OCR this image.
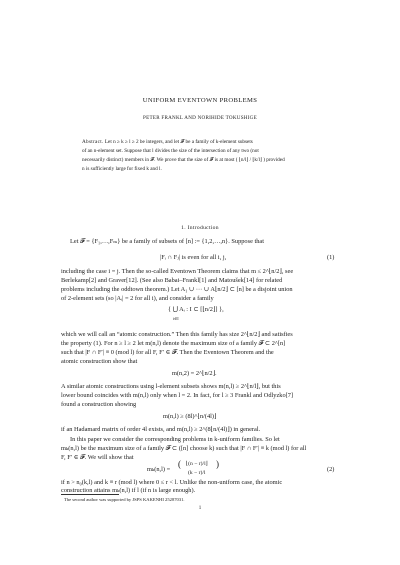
UNIFORM EVENTOWN PROBLEMS
PETER FRANKL AND NORIHIDE TOKUSHIGE
Abstract. Let n ≥ k ≥ l ≥ 2 be integers, and let 𝓕 be a family of k-element subsets
of an n-element set. Suppose that l divides the size of the intersection of any two (not
necessarily distinct) members in 𝓕. We prove that the size of 𝓕 is at most ( ⌊n/l⌋ / ⌊k/l⌋ ) provided
n is sufficiently large for fixed k and l.
1. Introduction
Let 𝓕 = {F₁,…,Fₘ} be a family of subsets of [n] := {1,2,…,n}. Suppose that
|Fᵢ ∩ Fⱼ| is even for all i, j,	(1)
including the case i = j. Then the so-called Eventown Theorem claims that m ≤ 2^⌊n/2⌋, see
Berlekamp[2] and Graver[12]. (See also Babai–Frankl[1] and Matoušek[14] for related
problems including the oddtown theorem.) Let A₁ ∪ ··· ∪ A⌊n/2⌋ ⊂ [n] be a disjoint union
of 2-element sets (so |Aᵢ| = 2 for all i), and consider a family
{ ⋃ Aᵢ : I ⊂ [⌊n/2⌋] },
i∈I
which we will call an “atomic construction.” Then this family has size 2^⌊n/2⌋ and satisfies
the property (1). For n ≥ l ≥ 2 let m(n,l) denote the maximum size of a family 𝓕 ⊂ 2^[n]
such that |F ∩ F′| ≡ 0 (mod l) for all F, F′ ∈ 𝓕. Then the Eventown Theorem and the
atomic construction show that
m(n,2) = 2^⌊n/2⌋.
A similar atomic constructions using l-element subsets shows m(n,l) ≥ 2^⌊n/l⌋, but this
lower bound coincides with m(n,l) only when l = 2. In fact, for l ≥ 3 Frankl and Odlyzko[7]
found a construction showing
m(n,l) ≥ (8l)^⌊n/(4l)⌋
if an Hadamard matrix of order 4l exists, and m(n,l) ≥ 2^(8⌊n/(4l)⌋) in general.
In this paper we consider the corresponding problems in k-uniform families. So let
mₖ(n,l) be the maximum size of a family 𝓕 ⊂ ([n] choose k) such that |F ∩ F′| ≡ k (mod l) for all
F, F′ ∈ 𝓕. We will show that
mₖ(n,l) =
( ⌊(n − r)/l⌋
(k − r)/l
)
(2)
if n > n₀(k,l) and k ≡ r (mod l) where 0 ≤ r < l. Unlike the non-uniform case, the atomic
construction attains mₖ(n,l) if l (if n is large enough).
The second author was supported by JSPS KAKENHI 25287031.
1
